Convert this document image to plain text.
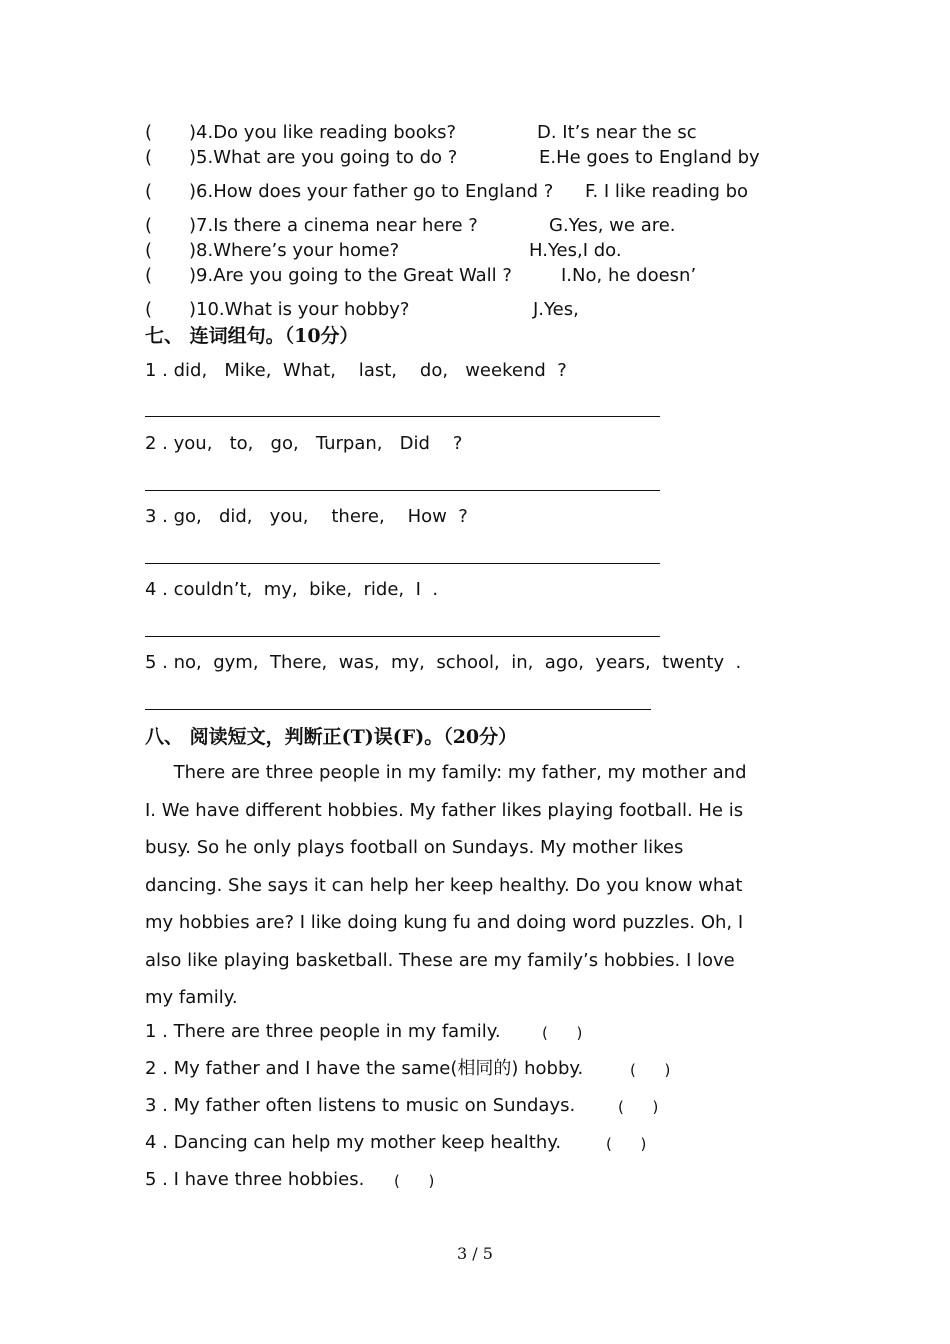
( )4.Do you like reading books?	D. It’s near the sc
( )5.What are you going to do ?	E.He goes to England by
( )6.How does your father go to England ? F. I like reading bo
( )7.Is there a cinema near here ?	G.Yes, we are.
( )8.Where’s your home?	H.Yes,I do.
( )9.Are you going to the Great Wall ?	I.No, he doesn’
( )10.What is your hobby?	J.Yes,
七、 连词组句。（10分）
1 . did,   Mike,  What,    last,    do,   weekend  ?
2 . you,   to,   go,   Turpan,   Did    ?
3 . go,   did,   you,    there,    How  ?
4 . couldn’t,  my,  bike,  ride,  I  .
5 . no,  gym,  There,  was,  my,  school,  in,  ago,  years,  twenty  .
八、 阅读短文，判断正(T)误(F)。（20分）
There are three people in my family: my father, my mother and
I. We have different hobbies. My father likes playing football. He is
busy. So he only plays football on Sundays. My mother likes
dancing. She says it can help her keep healthy. Do you know what
my hobbies are? I like doing kung fu and doing word puzzles. Oh, I
also like playing basketball. These are my family’s hobbies. I love
my family.
1 . There are three people in my family.	(      )
2 . My father and I have the same(相同的) hobby.	(      )
3 . My father often listens to music on Sundays.	(      )
4 . Dancing can help my mother keep healthy.	(      )
5 . I have three hobbies. (      )
3 / 5
